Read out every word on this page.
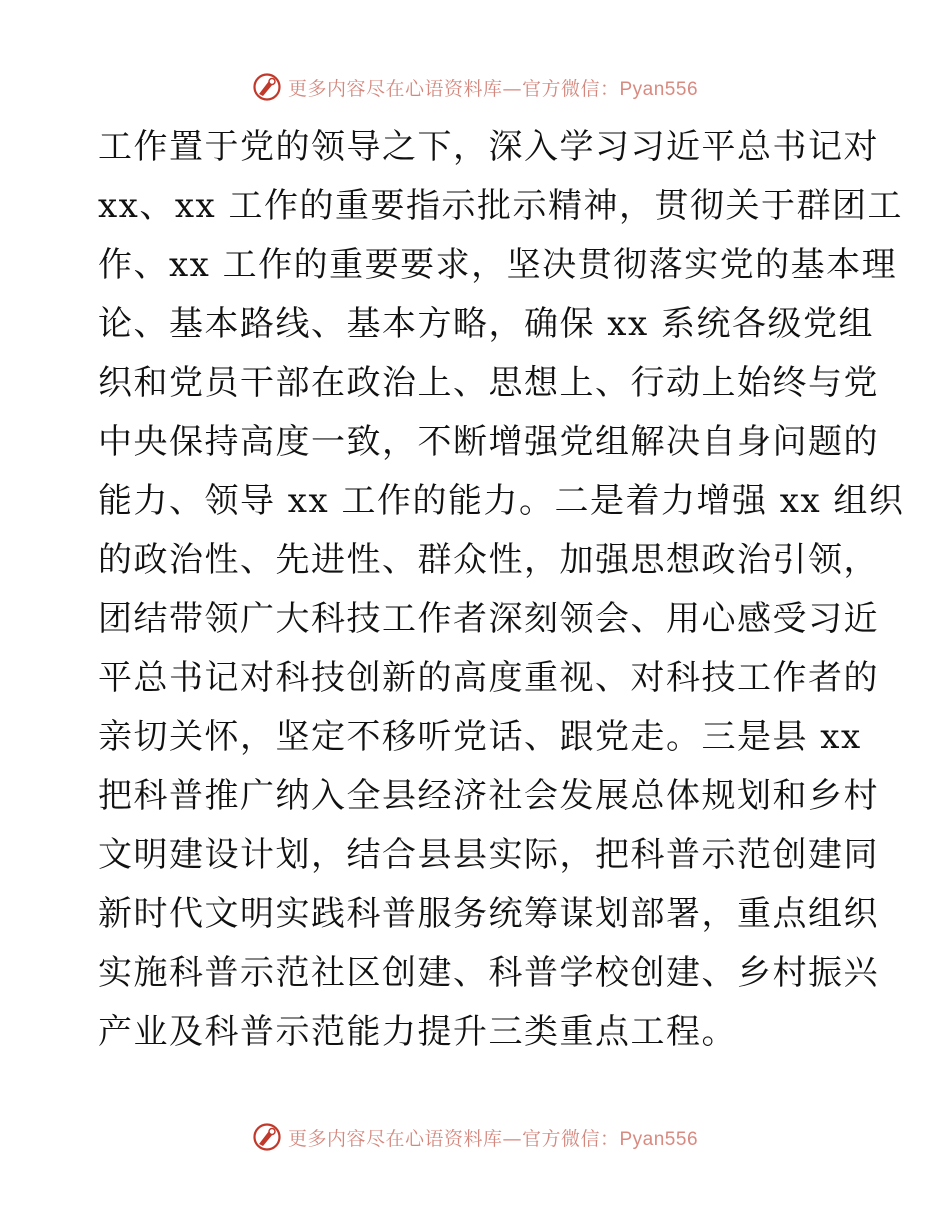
更多内容尽在心语资料库—官方微信：Pyan556
工作置于党的领导之下，深入学习习近平总书记对
xx、xx 工作的重要指示批示精神，贯彻关于群团工
作、xx 工作的重要要求，坚决贯彻落实党的基本理
论、基本路线、基本方略，确保 xx 系统各级党组
织和党员干部在政治上、思想上、行动上始终与党
中央保持高度一致，不断增强党组解决自身问题的
能力、领导 xx 工作的能力。二是着力增强 xx 组织
的政治性、先进性、群众性，加强思想政治引领，
团结带领广大科技工作者深刻领会、用心感受习近
平总书记对科技创新的高度重视、对科技工作者的
亲切关怀，坚定不移听党话、跟党走。三是县 xx
把科普推广纳入全县经济社会发展总体规划和乡村
文明建设计划，结合县县实际，把科普示范创建同
新时代文明实践科普服务统筹谋划部署，重点组织
实施科普示范社区创建、科普学校创建、乡村振兴
产业及科普示范能力提升三类重点工程。
更多内容尽在心语资料库—官方微信：Pyan556
